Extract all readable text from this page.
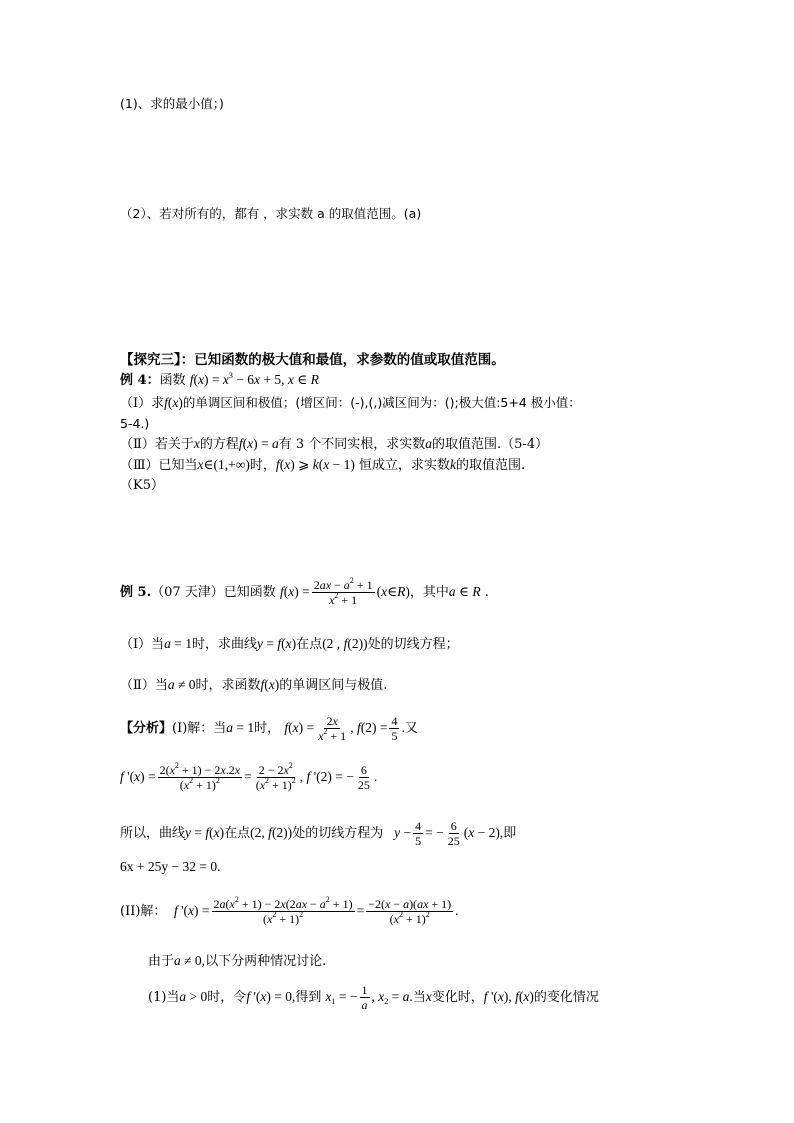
(1)、求的最小值；)
（2）、若对所有的，都有 ，求实数 a 的取值范围。(a)
【探究三】：已知函数的极大值和最值，求参数的值或取值范围。
例 4：函数 $f(x) = x^3 - 6x + 5$, x ∈ R
（Ⅰ）求f(x)的单调区间和极值；(增区间：(-),(,)减区间为：();极大值:5+4 极小值：
5-4.)
（Ⅱ）若关于x的方程f(x) = a有 3 个不同实根，求实数a的取值范围.（5-4）
（Ⅲ）已知当x∈(1,+∞)时，f(x) ⩾ k(x − 1) 恒成立，求实数k的取值范围.
（K5）
例 5.（07 天津）已知函数 $f(x) = \frac{2ax - a^2 + 1}{x^2 + 1}$ (x∈R)，其中a ∈ R .
（Ⅰ）当a = 1时，求曲线y = f(x)在点(2 , f(2))处的切线方程；
（Ⅱ）当a ≠ 0时，求函数f(x)的单调区间与极值.
【分析】(I)解：当a = 1时， $f(x) = \frac{2x}{x^2 + 1}$ , $f(2) = \frac{4}{5}$ .又
f '$(x) = \frac{2(x^2 + 1) - 2x.2x}{(x^2 + 1)^2} = \frac{2 - 2x^2}{(x^2 + 1)^2}$ , f '(2) = − $\frac{6}{25}$ .
所以，曲线y = f(x)在点(2, f(2))处的切线方程为 $y - \frac{4}{5}$ = − $\frac{6}{25} (x - 2)$,即
6x + 25y − 32 = 0.
(II)解： f '$(x) = \frac{2a(x^2 + 1) - 2x(2ax - a^2 + 1)}{(x^2 + 1)^2} = \frac{-2(x - a)(ax + 1)}{(x^2 + 1)^2}$ .
由于a ≠ 0,以下分两种情况讨论.
(1)当a > 0时，令f '(x) = 0,得到 $x_1$ = − $\frac{1}{a}$ , $x_2 = a$.当x变化时，f '(x), f(x)的变化情况
